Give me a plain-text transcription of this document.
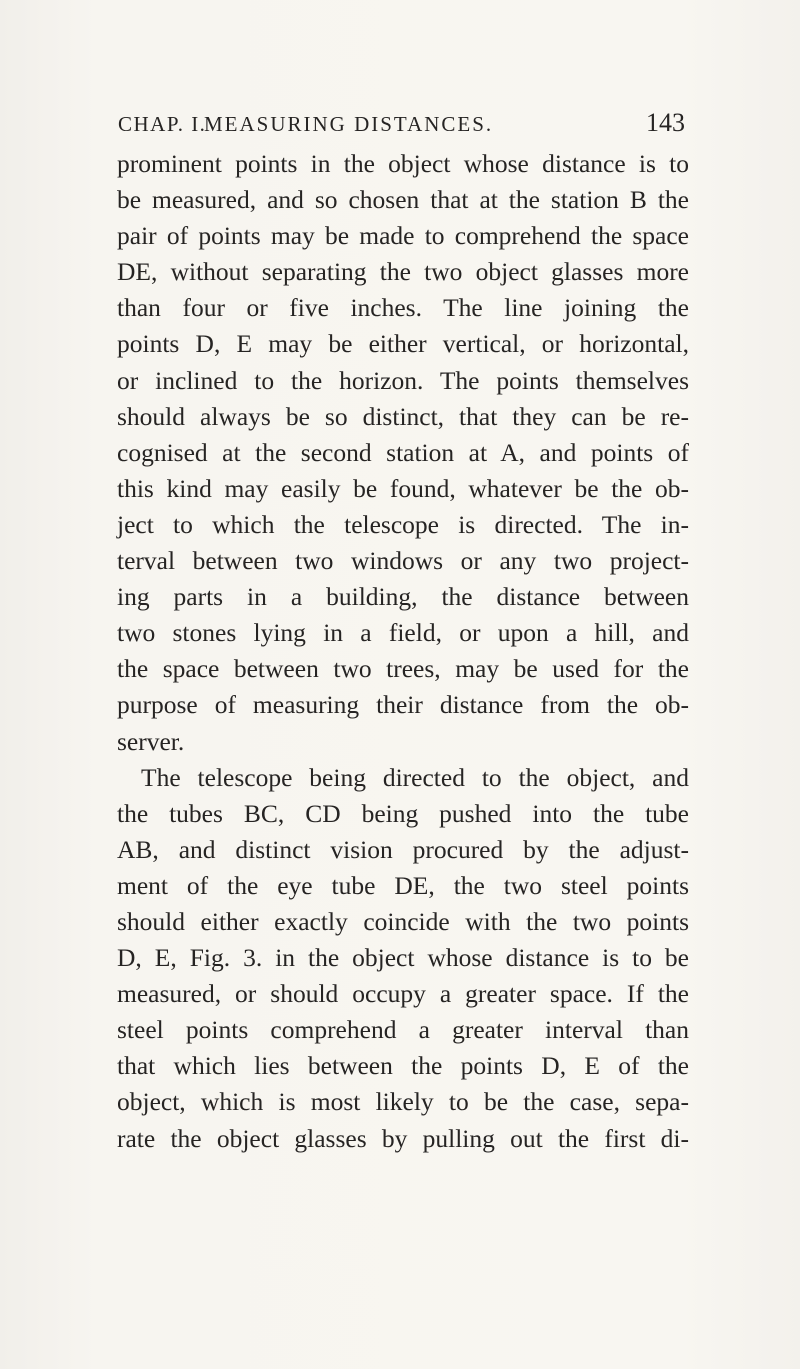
CHAP. I.
MEASURING DISTANCES.	143
prominent points in the object whose distance is to
be measured, and so chosen that at the station B the
pair of points may be made to comprehend the space
DE, without separating the two object glasses more
than four or five inches. The line joining the
points D, E may be either vertical, or horizontal,
or inclined to the horizon. The points themselves
should always be so distinct, that they can be re-
cognised at the second station at A, and points of
this kind may easily be found, whatever be the ob-
ject to which the telescope is directed. The in-
terval between two windows or any two project-
ing parts in a building, the distance between
two stones lying in a field, or upon a hill, and
the space between two trees, may be used for the
purpose of measuring their distance from the ob-
server.
The telescope being directed to the object, and
the tubes BC, CD being pushed into the tube
AB, and distinct vision procured by the adjust-
ment of the eye tube DE, the two steel points
should either exactly coincide with the two points
D, E, Fig. 3. in the object whose distance is to be
measured, or should occupy a greater space. If the
steel points comprehend a greater interval than
that which lies between the points D, E of the
object, which is most likely to be the case, sepa-
rate the object glasses by pulling out the first di-
